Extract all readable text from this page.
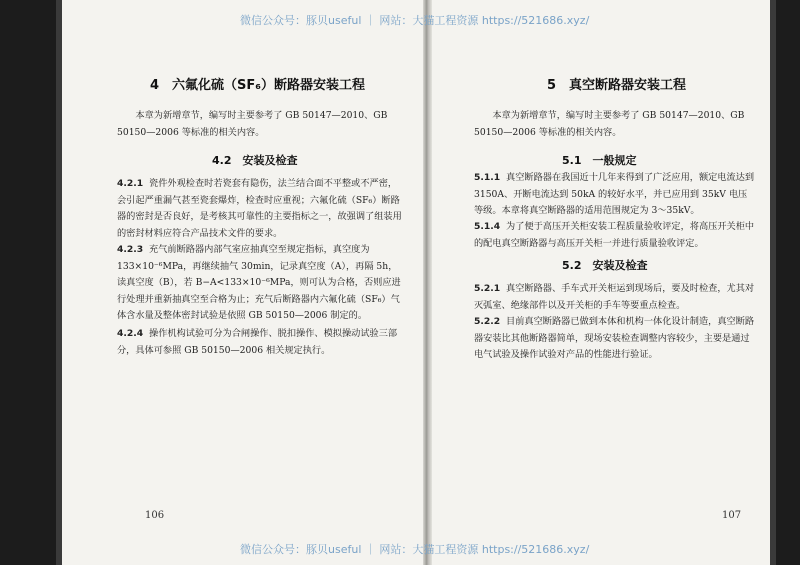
4　六氟化硫（SF₆）断路器安装工程
本章为新增章节，编写时主要参考了 GB 50147—2010、GB 50150—2006 等标准的相关内容。
4.2　安装及检查
4.2.1 瓷件外观检查时若瓷套有隐伤，法兰结合面不平整或不严密，会引起严重漏气甚至瓷套爆炸，检查时应重视；六氟化硫（SF₆）断路器的密封是否良好，是考核其可靠性的主要指标之一，故强调了组装用的密封材料应符合产品技术文件的要求。
4.2.3 充气前断路器内部气室应抽真空至规定指标，真空度为 133×10⁻⁶MPa，再继续抽气 30min，记录真空度（A），再隔 5h，读真空度（B），若 B−A<133×10⁻⁶MPa，则可认为合格，否则应进行处理并重新抽真空至合格为止；充气后断路器内六氟化硫（SF₆）气体含水量及整体密封试验是依照 GB 50150—2006 制定的。
4.2.4 操作机构试验可分为合闸操作、脱扣操作、模拟操动试验三部分，具体可参照 GB 50150—2006 相关规定执行。
106
5　真空断路器安装工程
本章为新增章节，编写时主要参考了 GB 50147—2010、GB 50150—2006 等标准的相关内容。
5.1　一般规定
5.1.1 真空断路器在我国近十几年来得到了广泛应用，额定电流达到 3150A、开断电流达到 50kA 的较好水平，并已应用到 35kV 电压等级。本章将真空断路器的适用范围规定为 3～35kV。
5.1.4 为了便于高压开关柜安装工程质量验收评定，将高压开关柜中的配电真空断路器与高压开关柜一并进行质量验收评定。
5.2　安装及检查
5.2.1 真空断路器、手车式开关柜运到现场后，要及时检查，尤其对灭弧室、绝缘部件以及开关柜的手车等要重点检查。
5.2.2 目前真空断路器已做到本体和机构一体化设计制造，真空断路器安装比其他断路器简单，现场安装检查调整内容较少，主要是通过电气试验及操作试验对产品的性能进行验证。
107
微信公众号：豚贝useful ｜ 网站：大猫工程资源 https://521686.xyz/
微信公众号：豚贝useful ｜ 网站：大猫工程资源 https://521686.xyz/
